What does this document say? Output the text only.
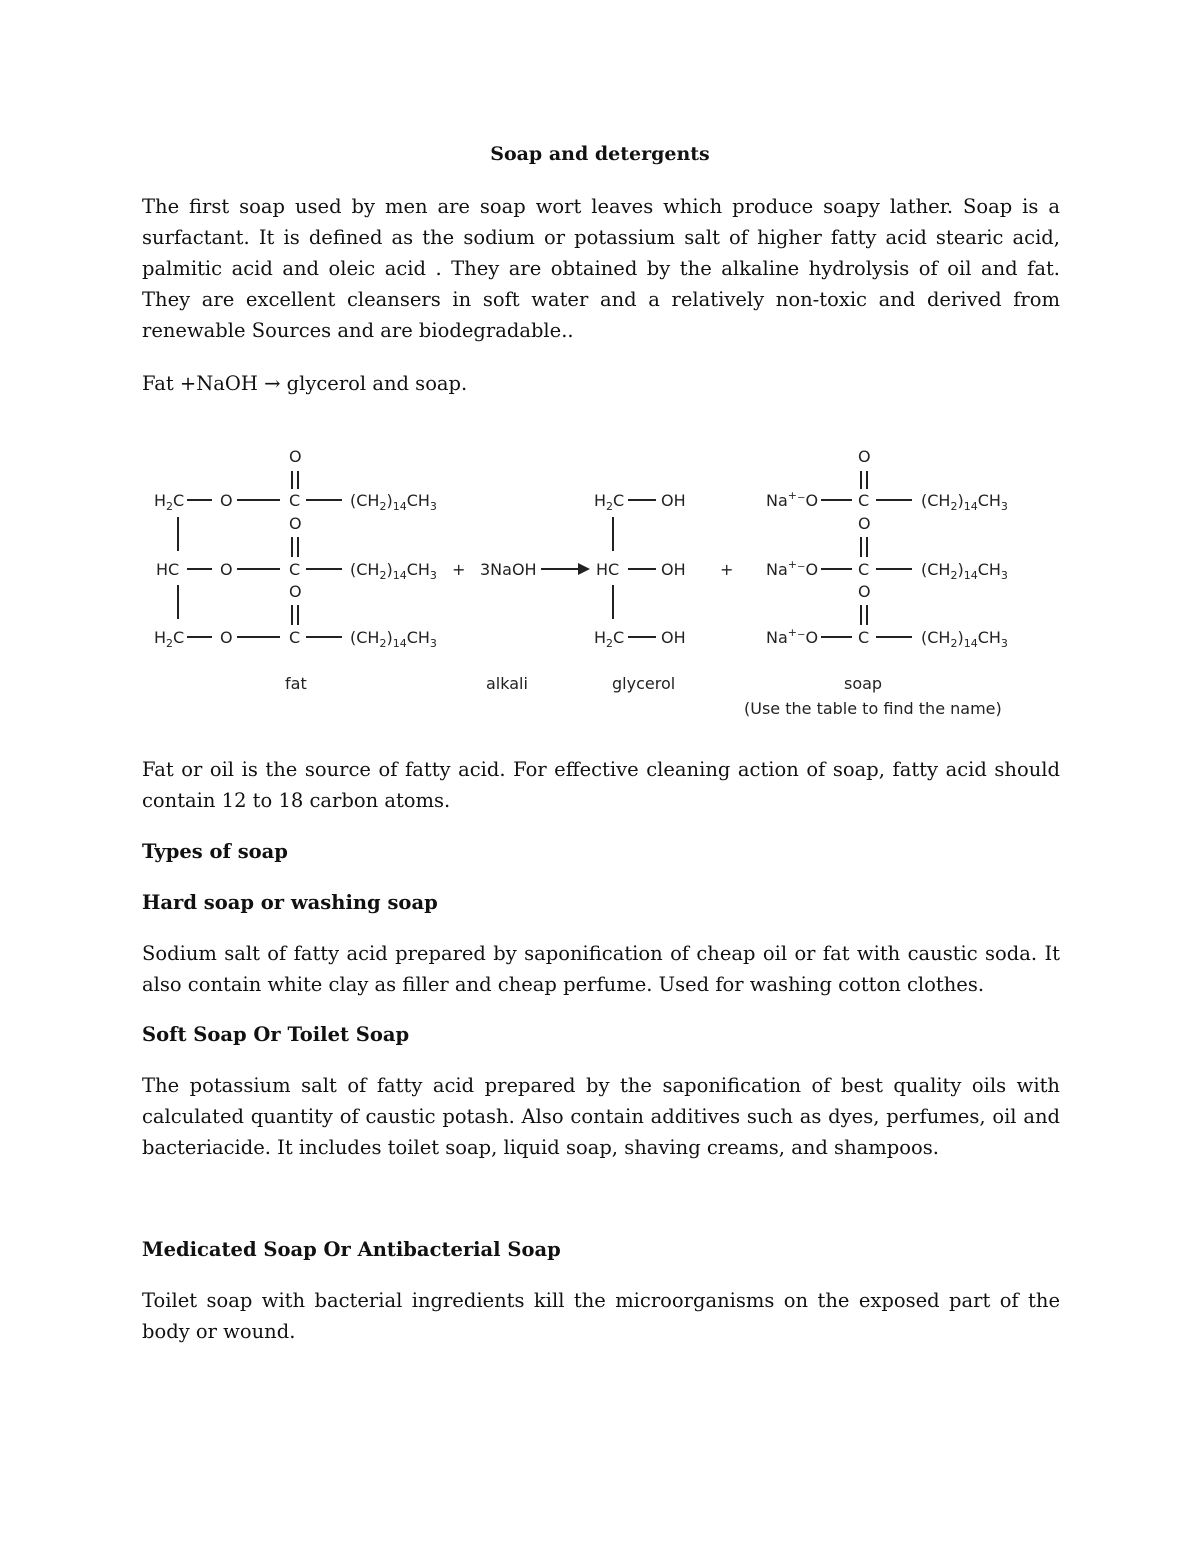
Soap and detergents

The first soap used by men are soap wort leaves which produce soapy lather. Soap is a surfactant. It is defined as the sodium or potassium salt of higher fatty acid stearic acid, palmitic acid and oleic acid . They are obtained by the alkaline hydrolysis of oil and fat. They are excellent cleansers in soft water and a relatively non-toxic and derived from renewable Sources and are biodegradable..

Fat +NaOH → glycerol and soap.
$H_2C$ O	C
O
$(CH_2)_{14}CH_3$
HC	O	C
O
$(CH_2)_{14}CH_3$
$H_2C$ O	C
O
$(CH_2)_{14}CH_3$
fat
+ 3NaOH
alkali
$H_2C$ OH
HC	OH
$H_2C$ OH
glycerol
+
Na+⁻O C
O
$(CH_2)_{14}CH_3$
Na+⁻O C
O
$(CH_2)_{14}CH_3$
Na+⁻O C
O
$(CH_2)_{14}CH_3$
soap
(Use the table to find the name)

Fat or oil is the source of fatty acid. For effective cleaning action of soap, fatty acid should contain 12 to 18 carbon atoms.

Types of soap
Hard soap or washing soap

Sodium salt of fatty acid prepared by saponification of cheap oil or fat with caustic soda. It also contain white clay as filler and cheap perfume. Used for washing cotton clothes.

Soft Soap Or Toilet Soap

The potassium salt of fatty acid prepared by the saponification of best quality oils with calculated quantity of caustic potash. Also contain additives such as dyes, perfumes, oil and bacteriacide. It includes toilet soap, liquid soap, shaving creams, and shampoos.

Medicated Soap Or Antibacterial Soap

Toilet soap with bacterial ingredients kill the microorganisms on the exposed part of the body or wound.
